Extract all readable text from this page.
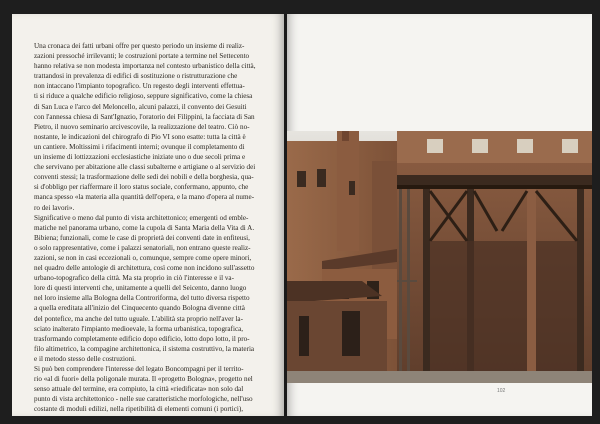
Una cronaca dei fatti urbani offre per questo periodo un insieme di realiz-
zazioni pressoché irrilevanti; le costruzioni portate a termine nel Settecento
hanno relativa se non modesta importanza nel contesto urbanistico della città,
trattandosi in prevalenza di edifici di sostituzione o ristrutturazione che
non intaccano l'impianto topografico. Un regesto degli interventi effettua-
ti si riduce a qualche edificio religioso, seppure significativo, come la chiesa
di San Luca e l'arco del Meloncello, alcuni palazzi, il convento dei Gesuiti
con l'annessa chiesa di Sant'Ignazio, l'oratorio dei Filippini, la facciata di San
Pietro, il nuovo seminario arcivescovile, la realizzazione del teatro. Ciò no-
nostante, le indicazioni del chirografo di Pio VI sono esatte: tutta la città è
un cantiere. Moltissimi i rifacimenti interni; ovunque il completamento di
un insieme di lottizzazioni ecclesiastiche iniziate uno o due secoli prima e
che servivano per abitazione alle classi subalterne e artigiane o al servizio dei
conventi stessi; la trasformazione delle sedi dei nobili e della borghesia, qua-
si d'obbligo per riaffermare il loro status sociale, confermano, appunto, che
manca spesso «la materia alla quantità dell'opera, e la mano d'opera al nume-
ro dei lavori».
Significative o meno dal punto di vista architettonico; emergenti od emble-
matiche nel panorama urbano, come la cupola di Santa Maria della Vita di A.
Bibiena; funzionali, come le case di proprietà dei conventi date in enfiteusi,
o solo rappresentative, come i palazzi senatoriali, non entrano queste realiz-
zazioni, se non in casi eccezionali o, comunque, sempre come opere minori,
nel quadro delle antologie di architettura, così come non incidono sull'assetto
urbano-topografico della città. Ma sta proprio in ciò l'interesse e il va-
lore di questi interventi che, unitamente a quelli del Seicento, danno luogo
nel loro insieme alla Bologna della Controriforma, del tutto diversa rispetto
a quella ereditata all'inizio del Cinquecento quando Bologna divenne città
del pontefice, ma anche del tutto uguale. L'abilità sta proprio nell'aver la-
sciato inalterato l'impianto medioevale, la forma urbanistica, topografica,
trasformando completamente edificio dopo edificio, lotto dopo lotto, il pro-
filo altimetrico, la compagine architettonica, il sistema costruttivo, la materia
e il metodo stesso delle costruzioni.
Si può ben comprendere l'interesse del legato Boncompagni per il territo-
rio «al di fuori» della poligonale murata. Il «progetto Bologna», progetto nel
senso attuale del termine, era compiuto, la città «riedificata» non solo dal
punto di vista architettonico - nelle sue caratteristiche morfologiche, nell'uso
costante di moduli edilizi, nella ripetibilità di elementi comuni (i portici),
102
